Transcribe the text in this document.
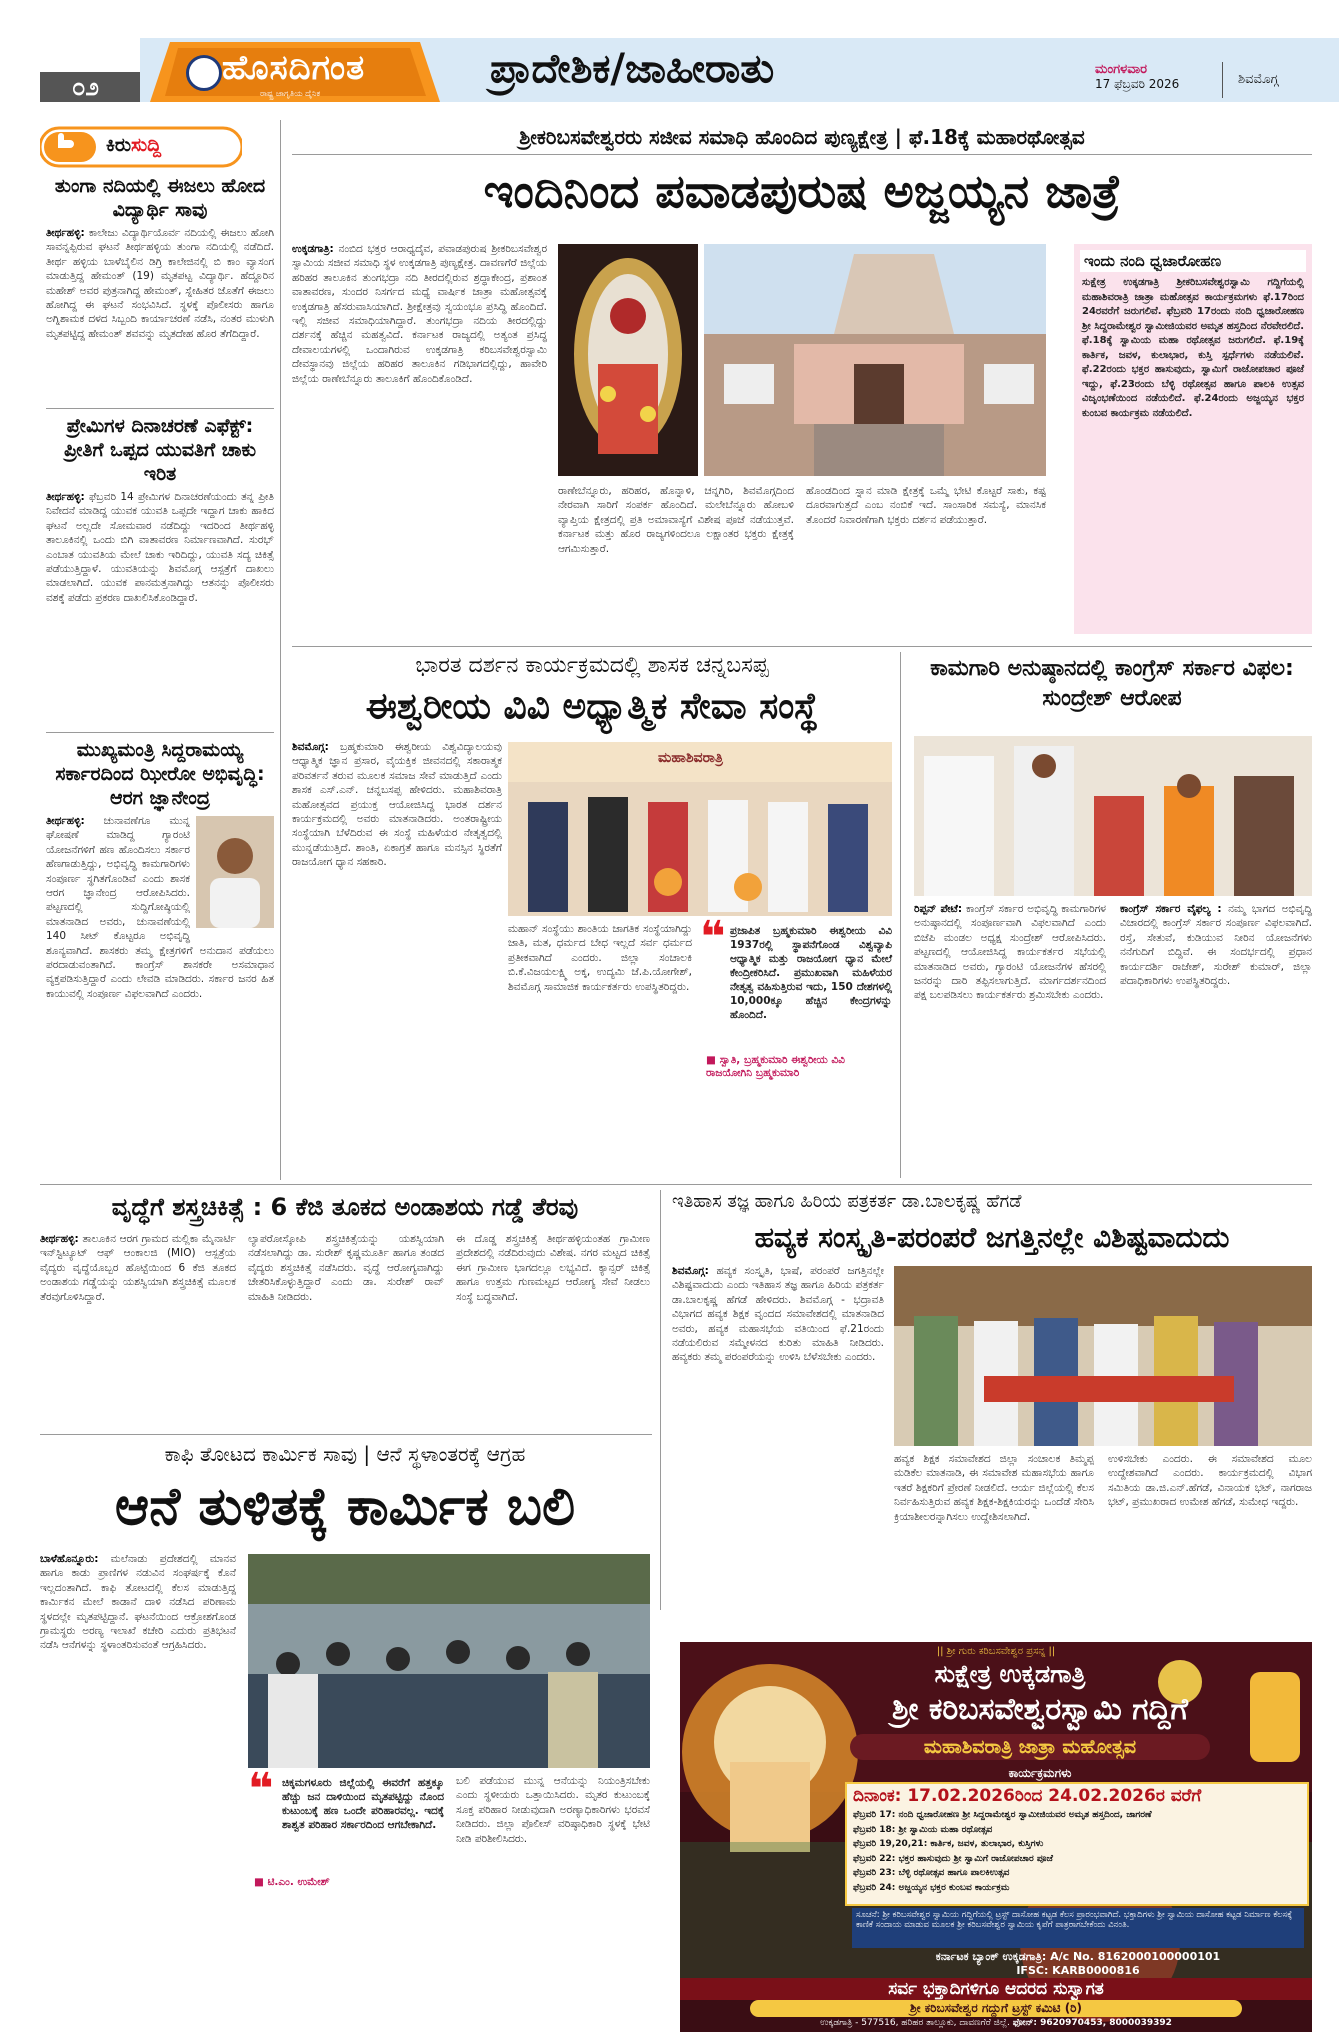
೦೨	ಹೊಸದಿಗಂತ
ರಾಷ್ಟ್ರ ಜಾಗೃತಿಯ ದೈನಿಕ
ಪ್ರಾದೇಶಿಕ/ಜಾಹೀರಾತು	ಮಂಗಳವಾರ
17 ಫೆಬ್ರವರಿ 2026	ಶಿವಮೊಗ್ಗ
ಕಿರುಸುದ್ದಿ
ತುಂಗಾ ನದಿಯಲ್ಲಿ ಈಜಲು ಹೋದ ವಿದ್ಯಾರ್ಥಿ ಸಾವು
ತೀರ್ಥಹಳ್ಳಿ: ಕಾಲೇಜು ವಿದ್ಯಾರ್ಥಿಯೊರ್ವ ನದಿಯಲ್ಲಿ ಈಜಲು ಹೋಗಿ ಸಾವನ್ನಪ್ಪಿರುವ ಘಟನೆ ತೀರ್ಥಹಳ್ಳಿಯ ತುಂಗಾ ನದಿಯಲ್ಲಿ ನಡೆದಿದೆ. ತೀರ್ಥ ಹಳ್ಳಿಯ ಬಾಳೆಬೈಲಿನ ಡಿಗ್ರಿ ಕಾಲೇಜಿನಲ್ಲಿ ಬಿ ಕಾಂ ವ್ಯಾಸಂಗ ಮಾಡುತ್ತಿದ್ದ ಹೇಮಂತ್ (19) ಮೃತಪಟ್ಟ ವಿದ್ಯಾರ್ಥಿ. ಹೆದ್ದೂರಿನ ಮಹೇಶ್ ಅವರ ಪುತ್ರನಾಗಿದ್ದ ಹೇಮಂತ್, ಸ್ನೇಹಿತರ ಜೊತೆಗೆ ಈಜಲು ಹೋಗಿದ್ದ ಈ ಘಟನೆ ಸಂಭವಿಸಿದೆ. ಸ್ಥಳಕ್ಕೆ ಪೊಲೀಸರು ಹಾಗೂ ಅಗ್ನಿಶಾಮಕ ದಳದ ಸಿಬ್ಬಂದಿ ಕಾರ್ಯಾಚರಣೆ ನಡೆಸಿ, ನಂತರ ಮುಳುಗಿ ಮೃತಪಟ್ಟಿದ್ದ ಹೇಮಂತ್ ಶವವನ್ನು ಮೃತದೇಹ ಹೊರ ತೆಗೆದಿದ್ದಾರೆ.
ಪ್ರೇಮಿಗಳ ದಿನಾಚರಣೆ ಎಫೆಕ್ಟ್: ಪ್ರೀತಿಗೆ ಒಪ್ಪದ ಯುವತಿಗೆ ಚಾಕು ಇರಿತ
ತೀರ್ಥಹಳ್ಳಿ: ಫೆಬ್ರವರಿ 14 ಪ್ರೇಮಿಗಳ ದಿನಾಚರಣೆಯಂದು ತನ್ನ ಪ್ರೀತಿ ನಿವೇದನೆ ಮಾಡಿದ್ದ ಯುವಕ ಯುವತಿ ಒಪ್ಪದೇ ಇದ್ದಾಗ ಚಾಕು ಹಾಕಿದ ಘಟನೆ ಅಲ್ಲದೇ ಸೋಮವಾರ ನಡೆದಿದ್ದು ಇದರಿಂದ ತೀರ್ಥಹಳ್ಳಿ ತಾಲೂಕಿನಲ್ಲಿ ಒಂದು ಬಿಗಿ ವಾತಾವರಣ ನಿರ್ಮಾಣವಾಗಿದೆ. ಸುರಭ್ ಎಂಬಾತ ಯುವತಿಯ ಮೇಲೆ ಚಾಕು ಇರಿದಿದ್ದು, ಯುವತಿ ಸದ್ಯ ಚಿಕಿತ್ಸೆ ಪಡೆಯುತ್ತಿದ್ದಾಳೆ. ಯುವತಿಯನ್ನು ಶಿವಮೊಗ್ಗ ಆಸ್ಪತ್ರೆಗೆ ದಾಖಲು ಮಾಡಲಾಗಿದೆ. ಯುವಕ ಪಾನಮತ್ತನಾಗಿದ್ದು ಆತನನ್ನು ಪೊಲೀಸರು ವಶಕ್ಕೆ ಪಡೆದು ಪ್ರಕರಣ ದಾಖಲಿಸಿಕೊಂಡಿದ್ದಾರೆ.
ಮುಖ್ಯಮಂತ್ರಿ ಸಿದ್ದರಾಮಯ್ಯ ಸರ್ಕಾರದಿಂದ ಝೀರೋ ಅಭಿವೃದ್ಧಿ: ಆರಗ ಜ್ಞಾನೇಂದ್ರ
ತೀರ್ಥಹಳ್ಳಿ: ಚುನಾವಣೆಗೂ ಮುನ್ನ ಘೋಷಣೆ ಮಾಡಿದ್ದ ಗ್ಯಾರಂಟಿ ಯೋಜನೆಗಳಿಗೆ ಹಣ ಹೊಂದಿಸಲು ಸರ್ಕಾರ ಹೆಣಗಾಡುತ್ತಿದ್ದು, ಅಭಿವೃದ್ಧಿ ಕಾಮಗಾರಿಗಳು ಸಂಪೂರ್ಣ ಸ್ಥಗಿತಗೊಂಡಿವೆ ಎಂದು ಶಾಸಕ ಆರಗ ಜ್ಞಾನೇಂದ್ರ ಆರೋಪಿಸಿದರು. ಪಟ್ಟಣದಲ್ಲಿ ಸುದ್ದಿಗೋಷ್ಠಿಯಲ್ಲಿ ಮಾತನಾಡಿದ ಅವರು, ಚುನಾವಣೆಯಲ್ಲಿ 140 ಸೀಟ್ ಕೊಟ್ಟರೂ ಅಭಿವೃದ್ಧಿ ಶೂನ್ಯವಾಗಿದೆ. ಶಾಸಕರು ತಮ್ಮ ಕ್ಷೇತ್ರಗಳಿಗೆ ಅನುದಾನ ಪಡೆಯಲು ಪರದಾಡುವಂತಾಗಿದೆ. ಕಾಂಗ್ರೆಸ್ ಶಾಸಕರೇ ಅಸಮಾಧಾನ ವ್ಯಕ್ತಪಡಿಸುತ್ತಿದ್ದಾರೆ ಎಂದು ಲೇವಡಿ ಮಾಡಿದರು. ಸರ್ಕಾರ ಜನರ ಹಿತ ಕಾಯುವಲ್ಲಿ ಸಂಪೂರ್ಣ ವಿಫಲವಾಗಿದೆ ಎಂದರು.
ಶ್ರೀಕರಿಬಸವೇಶ್ವರರು ಸಜೀವ ಸಮಾಧಿ ಹೊಂದಿದ ಪುಣ್ಯಕ್ಷೇತ್ರ | ಫೆ.18ಕ್ಕೆ ಮಹಾರಥೋತ್ಸವ
ಇಂದಿನಿಂದ ಪವಾಡಪುರುಷ ಅಜ್ಜಯ್ಯನ ಜಾತ್ರೆ
ಉಕ್ಕಡಗಾತ್ರಿ: ನಂಬಿದ ಭಕ್ತರ ಆರಾಧ್ಯದೈವ, ಪವಾಡಪುರುಷ ಶ್ರೀಕರಿಬಸವೇಶ್ವರ ಸ್ವಾಮಿಯ ಸಜೀವ ಸಮಾಧಿ ಸ್ಥಳ ಉಕ್ಕಡಗಾತ್ರಿ ಪುಣ್ಯಕ್ಷೇತ್ರ. ದಾವಣಗೆರೆ ಜಿಲ್ಲೆಯ ಹರಿಹರ ತಾಲೂಕಿನ ತುಂಗಭದ್ರಾ ನದಿ ತೀರದಲ್ಲಿರುವ ಶ್ರದ್ಧಾಕೇಂದ್ರ, ಪ್ರಶಾಂತ ವಾತಾವರಣ, ಸುಂದರ ನಿಸರ್ಗದ ಮಧ್ಯೆ ವಾರ್ಷಿಕ ಜಾತ್ರಾ ಮಹೋತ್ಸವಕ್ಕೆ ಉಕ್ಕಡಗಾತ್ರಿ ಹೆಸರುವಾಸಿಯಾಗಿದೆ. ಶ್ರೀಕ್ಷೇತ್ರವು ಸ್ವಯಂಭೂ ಪ್ರಸಿದ್ಧಿ ಹೊಂದಿದೆ. ಇಲ್ಲಿ ಸಜೀವ ಸಮಾಧಿಯಾಗಿದ್ದಾರೆ. ತುಂಗಭದ್ರಾ ನದಿಯ ತೀರದಲ್ಲಿದ್ದು ದರ್ಶನಕ್ಕೆ ಹೆಚ್ಚಿನ ಮಹತ್ವವಿದೆ. ಕರ್ನಾಟಕ ರಾಜ್ಯದಲ್ಲಿ ಅತ್ಯಂತ ಪ್ರಸಿದ್ಧ ದೇವಾಲಯಗಳಲ್ಲಿ ಒಂದಾಗಿರುವ ಉಕ್ಕಡಗಾತ್ರಿ ಕರಿಬಸವೇಶ್ವರಸ್ವಾಮಿ ದೇವಸ್ಥಾನವು ಜಿಲ್ಲೆಯ ಹರಿಹರ ತಾಲೂಕಿನ ಗಡಿಭಾಗದಲ್ಲಿದ್ದು, ಹಾವೇರಿ ಜಿಲ್ಲೆಯ ರಾಣೇಬೆನ್ನೂರು ತಾಲೂಕಿಗೆ ಹೊಂದಿಕೊಂಡಿದೆ.
ರಾಣೇಬೆನ್ನೂರು, ಹರಿಹರ, ಹೊನ್ನಾಳಿ, ಚನ್ನಗಿರಿ, ಶಿವಮೊಗ್ಗದಿಂದ ನೇರವಾಗಿ ಸಾರಿಗೆ ಸಂಪರ್ಕ ಹೊಂದಿದೆ. ಮಲೇಬೆನ್ನೂರು ಹೋಬಳಿ ವ್ಯಾಪ್ತಿಯ ಕ್ಷೇತ್ರದಲ್ಲಿ ಪ್ರತಿ ಅಮಾವಾಸ್ಯೆಗೆ ವಿಶೇಷ ಪೂಜೆ ನಡೆಯುತ್ತವೆ. ಕರ್ನಾಟಕ ಮತ್ತು ಹೊರ ರಾಜ್ಯಗಳಿಂದಲೂ ಲಕ್ಷಾಂತರ ಭಕ್ತರು ಕ್ಷೇತ್ರಕ್ಕೆ ಆಗಮಿಸುತ್ತಾರೆ.
ಹೊಂಡದಿಂದ ಸ್ನಾನ ಮಾಡಿ ಕ್ಷೇತ್ರಕ್ಕೆ ಒಮ್ಮೆ ಭೇಟಿ ಕೊಟ್ಟರೆ ಸಾಕು, ಕಷ್ಟ ದೂರವಾಗುತ್ತದೆ ಎಂಬ ನಂಬಿಕೆ ಇದೆ. ಸಾಂಸಾರಿಕ ಸಮಸ್ಯೆ, ಮಾನಸಿಕ ತೊಂದರೆ ನಿವಾರಣೆಗಾಗಿ ಭಕ್ತರು ದರ್ಶನ ಪಡೆಯುತ್ತಾರೆ.
ಇಂದು ನಂದಿ ಧ್ವಜಾರೋಹಣ
ಸುಕ್ಷೇತ್ರ ಉಕ್ಕಡಗಾತ್ರಿ ಶ್ರೀಕರಿಬಸವೇಶ್ವರಸ್ವಾಮಿ ಗದ್ದಿಗೆಯಲ್ಲಿ ಮಹಾಶಿವರಾತ್ರಿ ಜಾತ್ರಾ ಮಹೋತ್ಸವ ಕಾರ್ಯಕ್ರಮಗಳು ಫೆ.17ರಿಂದ 24ರವರೆಗೆ ಜರುಗಲಿವೆ. ಫೆಬ್ರವರಿ 17ರಂದು ನಂದಿ ಧ್ವಜಾರೋಹಣ ಶ್ರೀ ಸಿದ್ದರಾಮೇಶ್ವರ ಸ್ವಾಮೀಜಿಯವರ ಅಮೃತ ಹಸ್ತದಿಂದ ನೆರವೇರಲಿದೆ. ಫೆ.18ಕ್ಕೆ ಸ್ವಾಮಿಯ ಮಹಾ ರಥೋತ್ಸವ ಜರುಗಲಿದೆ. ಫೆ.19ಕ್ಕೆ ಕಾರ್ತಿಕ, ಜವಳ, ಕುಲಾಭಾರ, ಕುಸ್ತಿ ಸ್ಪರ್ಧೆಗಳು ನಡೆಯಲಿವೆ. ಫೆ.22ರಂದು ಭಕ್ತರ ಹಾಸುವುದು, ಸ್ವಾಮಿಗೆ ರಾಜೋಪಚಾರ ಪೂಜೆ ಇದ್ದು, ಫೆ.23ರಂದು ಬೆಳ್ಳಿ ರಥೋತ್ಸವ ಹಾಗೂ ಪಾಲಕಿ ಉತ್ಸವ ವಿಜೃಂಭಣೆಯಿಂದ ನಡೆಯಲಿದೆ. ಫೆ.24ರಂದು ಅಜ್ಜಯ್ಯನ ಭಕ್ತರ ಕುಂಬವ ಕಾರ್ಯಕ್ರಮ ನಡೆಯಲಿದೆ.
ಭಾರತ ದರ್ಶನ ಕಾರ್ಯಕ್ರಮದಲ್ಲಿ ಶಾಸಕ ಚನ್ನಬಸಪ್ಪ
ಈಶ್ವರೀಯ ವಿವಿ ಅಧ್ಯಾತ್ಮಿಕ ಸೇವಾ ಸಂಸ್ಥೆ
ಶಿವಮೊಗ್ಗ: ಬ್ರಹ್ಮಕುಮಾರಿ ಈಶ್ವರೀಯ ವಿಶ್ವವಿದ್ಯಾಲಯವು ಆಧ್ಯಾತ್ಮಿಕ ಜ್ಞಾನ ಪ್ರಸಾರ, ವೈಯಕ್ತಿಕ ಜೀವನದಲ್ಲಿ ಸಕಾರಾತ್ಮಕ ಪರಿವರ್ತನೆ ತರುವ ಮೂಲಕ ಸಮಾಜ ಸೇವೆ ಮಾಡುತ್ತಿದೆ ಎಂದು ಶಾಸಕ ಎಸ್.ಎನ್. ಚನ್ನಬಸಪ್ಪ ಹೇಳಿದರು. ಮಹಾಶಿವರಾತ್ರಿ ಮಹೋತ್ಸವದ ಪ್ರಯುಕ್ತ ಆಯೋಜಿಸಿದ್ದ ಭಾರತ ದರ್ಶನ ಕಾರ್ಯಕ್ರಮದಲ್ಲಿ ಅವರು ಮಾತನಾಡಿದರು. ಅಂತರಾಷ್ಟ್ರೀಯ ಸಂಸ್ಥೆಯಾಗಿ ಬೆಳೆದಿರುವ ಈ ಸಂಸ್ಥೆ ಮಹಿಳೆಯರ ನೇತೃತ್ವದಲ್ಲಿ ಮುನ್ನಡೆಯುತ್ತಿದೆ. ಶಾಂತಿ, ಏಕಾಗ್ರತೆ ಹಾಗೂ ಮನಸ್ಸಿನ ಸ್ಥಿರತೆಗೆ ರಾಜಯೋಗ ಧ್ಯಾನ ಸಹಕಾರಿ.
ಮಹಾಶಿವರಾತ್ರಿ
ಮಹಾನ್ ಸಂಸ್ಥೆಯು ಶಾಂತಿಯ ಜಾಗತಿಕ ಸಂಸ್ಥೆಯಾಗಿದ್ದು ಜಾತಿ, ಮತ, ಧರ್ಮದ ಬೇಧ ಇಲ್ಲದೆ ಸರ್ವ ಧರ್ಮದ ಪ್ರತೀಕವಾಗಿದೆ ಎಂದರು. ಜಿಲ್ಲಾ ಸಂಚಾಲಕಿ ಬಿ.ಕೆ.ವಿಜಯಲಕ್ಷ್ಮಿ ಅಕ್ಕ, ಉದ್ಯಮಿ ಜೆ.ಪಿ.ಯೋಗೇಶ್, ಶಿವಮೊಗ್ಗ ಸಾಮಾಜಿಕ ಕಾರ್ಯಕರ್ತರು ಉಪಸ್ಥಿತರಿದ್ದರು.
❝ ಪ್ರಜಾಪಿತ ಬ್ರಹ್ಮಕುಮಾರಿ ಈಶ್ವರೀಯ ವಿವಿ 1937ರಲ್ಲಿ ಸ್ಥಾಪನೆಗೊಂಡ ವಿಶ್ವವ್ಯಾಪಿ ಆಧ್ಯಾತ್ಮಿಕ ಮತ್ತು ರಾಜಯೋಗ ಧ್ಯಾನ ಮೇಲೆ ಕೇಂದ್ರೀಕರಿಸಿದೆ. ಪ್ರಮುಖವಾಗಿ ಮಹಿಳೆಯರ ನೇತೃತ್ವ ವಹಿಸುತ್ತಿರುವ ಇದು, 150 ದೇಶಗಳಲ್ಲಿ 10,000ಕ್ಕೂ ಹೆಚ್ಚಿನ ಕೇಂದ್ರಗಳನ್ನು ಹೊಂದಿದೆ.
■ ಸ್ವಾತಿ, ಬ್ರಹ್ಮಕುಮಾರಿ ಈಶ್ವರೀಯ ವಿವಿ ರಾಜಯೋಗಿನಿ ಬ್ರಹ್ಮಕುಮಾರಿ
ಕಾಮಗಾರಿ ಅನುಷ್ಠಾನದಲ್ಲಿ ಕಾಂಗ್ರೆಸ್ ಸರ್ಕಾರ ವಿಫಲ: ಸುಂದ್ರೇಶ್ ಆರೋಪ
ರಿಪ್ಪನ್ ಪೇಟೆ: ಕಾಂಗ್ರೆಸ್ ಸರ್ಕಾರ ಅಭಿವೃದ್ಧಿ ಕಾಮಗಾರಿಗಳ ಅನುಷ್ಠಾನದಲ್ಲಿ ಸಂಪೂರ್ಣವಾಗಿ ವಿಫಲವಾಗಿದೆ ಎಂದು ಬಿಜೆಪಿ ಮಂಡಲ ಅಧ್ಯಕ್ಷ ಸುಂದ್ರೇಶ್ ಆರೋಪಿಸಿದರು. ಪಟ್ಟಣದಲ್ಲಿ ಆಯೋಜಿಸಿದ್ದ ಕಾರ್ಯಕರ್ತರ ಸಭೆಯಲ್ಲಿ ಮಾತನಾಡಿದ ಅವರು, ಗ್ಯಾರಂಟಿ ಯೋಜನೆಗಳ ಹೆಸರಲ್ಲಿ ಜನರನ್ನು ದಾರಿ ತಪ್ಪಿಸಲಾಗುತ್ತಿದೆ. ಮಾರ್ಗದರ್ಶನದಿಂದ ಪಕ್ಷ ಬಲಪಡಿಸಲು ಕಾರ್ಯಕರ್ತರು ಶ್ರಮಿಸಬೇಕು ಎಂದರು.
ಕಾಂಗ್ರೆಸ್ ಸರ್ಕಾರ ವೈಫಲ್ಯ : ನಮ್ಮ ಭಾಗದ ಅಭಿವೃದ್ಧಿ ವಿಚಾರದಲ್ಲಿ ಕಾಂಗ್ರೆಸ್ ಸರ್ಕಾರ ಸಂಪೂರ್ಣ ವಿಫಲವಾಗಿದೆ. ರಸ್ತೆ, ಸೇತುವೆ, ಕುಡಿಯುವ ನೀರಿನ ಯೋಜನೆಗಳು ನನೆಗುದಿಗೆ ಬಿದ್ದಿವೆ. ಈ ಸಂದರ್ಭದಲ್ಲಿ ಪ್ರಧಾನ ಕಾರ್ಯದರ್ಶಿ ರಾಜೇಶ್, ಸುರೇಶ್ ಕುಮಾರ್, ಜಿಲ್ಲಾ ಪದಾಧಿಕಾರಿಗಳು ಉಪಸ್ಥಿತರಿದ್ದರು.
ವೃದ್ಧೆಗೆ ಶಸ್ತ್ರಚಿಕಿತ್ಸೆ : 6 ಕೆಜಿ ತೂಕದ ಅಂಡಾಶಯ ಗಡ್ಡೆ ತೆರವು
ತೀರ್ಥಹಳ್ಳಿ: ತಾಲೂಕಿನ ಆರಗ ಗ್ರಾಮದ ಮಲ್ಲಿಕಾ ಮೈನಾರ್ಟಿ ಇನ್‌ಸ್ಟಿಟ್ಯೂಟ್ ಆಫ್ ಆಂಕಾಲಜಿ (MIO) ಆಸ್ಪತ್ರೆಯ ವೈದ್ಯರು ವೃದ್ಧೆಯೊಬ್ಬರ ಹೊಟ್ಟೆಯಿಂದ 6 ಕೆಜಿ ತೂಕದ ಅಂಡಾಶಯ ಗಡ್ಡೆಯನ್ನು ಯಶಸ್ವಿಯಾಗಿ ಶಸ್ತ್ರಚಿಕಿತ್ಸೆ ಮೂಲಕ ತೆರವುಗೊಳಿಸಿದ್ದಾರೆ.
ಲ್ಯಾಪರೋಸ್ಕೋಪಿ ಶಸ್ತ್ರಚಿಕಿತ್ಸೆಯನ್ನು ಯಶಸ್ವಿಯಾಗಿ ನಡೆಸಲಾಗಿದ್ದು ಡಾ. ಸುರೇಶ್ ಕೃಷ್ಣಮೂರ್ತಿ ಹಾಗೂ ತಂಡದ ವೈದ್ಯರು ಶಸ್ತ್ರಚಿಕಿತ್ಸೆ ನಡೆಸಿದರು. ವೃದ್ಧೆ ಆರೋಗ್ಯವಾಗಿದ್ದು ಚೇತರಿಸಿಕೊಳ್ಳುತ್ತಿದ್ದಾರೆ ಎಂದು ಡಾ. ಸುರೇಶ್ ರಾವ್ ಮಾಹಿತಿ ನೀಡಿದರು.
ಈ ದೊಡ್ಡ ಶಸ್ತ್ರಚಿಕಿತ್ಸೆ ತೀರ್ಥಹಳ್ಳಿಯಂತಹ ಗ್ರಾಮೀಣ ಪ್ರದೇಶದಲ್ಲಿ ನಡೆದಿರುವುದು ವಿಶೇಷ. ನಗರ ಮಟ್ಟದ ಚಿಕಿತ್ಸೆ ಈಗ ಗ್ರಾಮೀಣ ಭಾಗದಲ್ಲೂ ಲಭ್ಯವಿದೆ. ಕ್ಯಾನ್ಸರ್ ಚಿಕಿತ್ಸೆ ಹಾಗೂ ಉತ್ತಮ ಗುಣಮಟ್ಟದ ಆರೋಗ್ಯ ಸೇವೆ ನೀಡಲು ಸಂಸ್ಥೆ ಬದ್ಧವಾಗಿದೆ.
ಇತಿಹಾಸ ತಜ್ಞ ಹಾಗೂ ಹಿರಿಯ ಪತ್ರಕರ್ತ ಡಾ.ಬಾಲಕೃಷ್ಣ ಹೆಗಡೆ
ಹವ್ಯಕ ಸಂಸ್ಕೃತಿ-ಪರಂಪರೆ ಜಗತ್ತಿನಲ್ಲೇ ವಿಶಿಷ್ಟವಾದುದು
ಶಿವಮೊಗ್ಗ: ಹವ್ಯಕ ಸಂಸ್ಕೃತಿ, ಭಾಷೆ, ಪರಂಪರೆ ಜಗತ್ತಿನಲ್ಲೇ ವಿಶಿಷ್ಟವಾದುದು ಎಂದು ಇತಿಹಾಸ ತಜ್ಞ ಹಾಗೂ ಹಿರಿಯ ಪತ್ರಕರ್ತ ಡಾ.ಬಾಲಕೃಷ್ಣ ಹೆಗಡೆ ಹೇಳಿದರು. ಶಿವಮೊಗ್ಗ - ಭದ್ರಾವತಿ ವಿಭಾಗದ ಹವ್ಯಕ ಶಿಕ್ಷಕ ವೃಂದದ ಸಮಾವೇಶದಲ್ಲಿ ಮಾತನಾಡಿದ ಅವರು, ಹವ್ಯಕ ಮಹಾಸಭೆಯ ವತಿಯಿಂದ ಫೆ.21ರಂದು ನಡೆಯಲಿರುವ ಸಮ್ಮೇಳನದ ಕುರಿತು ಮಾಹಿತಿ ನೀಡಿದರು. ಹವ್ಯಕರು ತಮ್ಮ ಪರಂಪರೆಯನ್ನು ಉಳಿಸಿ ಬೆಳೆಸಬೇಕು ಎಂದರು.
ಹವ್ಯಕ ಶಿಕ್ಷಕ ಸಮಾವೇಶದ ಜಿಲ್ಲಾ ಸಂಚಾಲಕ ತಿಮ್ಮಪ್ಪ ಮಡಿಕೆಲ ಮಾತನಾಡಿ, ಈ ಸಮಾವೇಶ ಮಹಾಸಭೆಯ ಹಾಗೂ ಇತರೆ ಶಿಕ್ಷಕರಿಗೆ ಪ್ರೇರಣೆ ನೀಡಲಿದೆ. ಆರ್ಯ ಜಿಲ್ಲೆಯಲ್ಲಿ ಕೆಲಸ ನಿರ್ವಹಿಸುತ್ತಿರುವ ಹವ್ಯಕ ಶಿಕ್ಷಕ-ಶಿಕ್ಷಕಿಯರನ್ನು ಒಂದೆಡೆ ಸೇರಿಸಿ ಕ್ರಿಯಾಶೀಲರನ್ನಾಗಿಸಲು ಉದ್ದೇಶಿಸಲಾಗಿದೆ.
ಉಳಿಸಬೇಕು ಎಂದರು. ಈ ಸಮಾವೇಶದ ಮೂಲ ಉದ್ದೇಶವಾಗಿದೆ ಎಂದರು. ಕಾರ್ಯಕ್ರಮದಲ್ಲಿ ವಿಭಾಗ ಸಮಿತಿಯ ಡಾ.ಜಿ.ಎನ್.ಹೆಗಡೆ, ವಿನಾಯಕ ಭಟ್, ನಾಗರಾಜ ಭಟ್, ಪ್ರಮುಖರಾದ ಉಮೇಶ ಹೆಗಡೆ, ಸುಮೇಧ ಇದ್ದರು.
ಕಾಫಿ ತೋಟದ ಕಾರ್ಮಿಕ ಸಾವು | ಆನೆ ಸ್ಥಳಾಂತರಕ್ಕೆ ಆಗ್ರಹ
ಆನೆ ತುಳಿತಕ್ಕೆ ಕಾರ್ಮಿಕ ಬಲಿ
ಬಾಳೆಹೊನ್ನೂರು: ಮಲೆನಾಡು ಪ್ರದೇಶದಲ್ಲಿ ಮಾನವ ಹಾಗೂ ಕಾಡು ಪ್ರಾಣಿಗಳ ನಡುವಿನ ಸಂಘರ್ಷಕ್ಕೆ ಕೊನೆ ಇಲ್ಲದಂತಾಗಿದೆ. ಕಾಫಿ ತೋಟದಲ್ಲಿ ಕೆಲಸ ಮಾಡುತ್ತಿದ್ದ ಕಾರ್ಮಿಕನ ಮೇಲೆ ಕಾಡಾನೆ ದಾಳಿ ನಡೆಸಿದ ಪರಿಣಾಮ ಸ್ಥಳದಲ್ಲೇ ಮೃತಪಟ್ಟಿದ್ದಾನೆ. ಘಟನೆಯಿಂದ ಆಕ್ರೋಶಗೊಂಡ ಗ್ರಾಮಸ್ಥರು ಅರಣ್ಯ ಇಲಾಖೆ ಕಚೇರಿ ಎದುರು ಪ್ರತಿಭಟನೆ ನಡೆಸಿ ಆನೆಗಳನ್ನು ಸ್ಥಳಾಂತರಿಸುವಂತೆ ಆಗ್ರಹಿಸಿದರು.
❝ ಚಿಕ್ಕಮಗಳೂರು ಜಿಲ್ಲೆಯಲ್ಲಿ ಈವರೆಗೆ ಹತ್ತಕ್ಕೂ ಹೆಚ್ಚು ಜನ ದಾಳಿಯಿಂದ ಮೃತಪಟ್ಟಿದ್ದು ನೊಂದ ಕುಟುಂಬಕ್ಕೆ ಹಣ ಒಂದೇ ಪರಿಹಾರವಲ್ಲ. ಇದಕ್ಕೆ ಶಾಶ್ವತ ಪರಿಹಾರ ಸರ್ಕಾರದಿಂದ ಆಗಬೇಕಾಗಿದೆ.
■ ಟಿ.ಎಂ. ಉಮೇಶ್
ಬಲಿ ಪಡೆಯುವ ಮುನ್ನ ಆನೆಯನ್ನು ನಿಯಂತ್ರಿಸಬೇಕು ಎಂದು ಸ್ಥಳೀಯರು ಒತ್ತಾಯಿಸಿದರು. ಮೃತರ ಕುಟುಂಬಕ್ಕೆ ಸೂಕ್ತ ಪರಿಹಾರ ನೀಡುವುದಾಗಿ ಅರಣ್ಯಾಧಿಕಾರಿಗಳು ಭರವಸೆ ನೀಡಿದರು. ಜಿಲ್ಲಾ ಪೊಲೀಸ್ ವರಿಷ್ಠಾಧಿಕಾರಿ ಸ್ಥಳಕ್ಕೆ ಭೇಟಿ ನೀಡಿ ಪರಿಶೀಲಿಸಿದರು.
|| ಶ್ರೀ ಗುರು ಕರಿಬಸವೇಶ್ವರ ಪ್ರಸನ್ನ ||
ಸುಕ್ಷೇತ್ರ ಉಕ್ಕಡಗಾತ್ರಿ
ಶ್ರೀ ಕರಿಬಸವೇಶ್ವರಸ್ವಾಮಿ ಗದ್ದಿಗೆ
ಮಹಾಶಿವರಾತ್ರಿ ಜಾತ್ರಾ ಮಹೋತ್ಸವ
ಕಾರ್ಯಕ್ರಮಗಳು
ದಿನಾಂಕ: 17.02.2026ರಿಂದ 24.02.2026ರ ವರೆಗೆ
ಫೆಬ್ರವರಿ 17: ನಂದಿ ಧ್ವಜಾರೋಹಣ ಶ್ರೀ ಸಿದ್ದರಾಮೇಶ್ವರ ಸ್ವಾಮೀಜಿಯವರ ಅಮೃತ ಹಸ್ತದಿಂದ, ಜಾಗರಣೆ
ಫೆಬ್ರವರಿ 18: ಶ್ರೀ ಸ್ವಾಮಿಯ ಮಹಾ ರಥೋತ್ಸವ
ಫೆಬ್ರವರಿ 19,20,21: ಕಾರ್ತಿಕ, ಜವಳ, ತುಲಾಭಾರ, ಕುಸ್ತಿಗಳು
ಫೆಬ್ರವರಿ 22: ಭಕ್ತರ ಹಾಸುವುದು ಶ್ರೀ ಸ್ವಾಮಿಗೆ ರಾಜೋಪಚಾರ ಪೂಜೆ
ಫೆಬ್ರವರಿ 23: ಬೆಳ್ಳಿ ರಥೋತ್ಸವ ಹಾಗೂ ಪಾಲಕಿಉತ್ಸವ
ಫೆಬ್ರವರಿ 24: ಅಜ್ಜಯ್ಯನ ಭಕ್ತರ ಕುಂಬವ ಕಾರ್ಯಕ್ರಮ
ಸೂಚನೆ: ಶ್ರೀ ಕರಿಬಸವೇಶ್ವರ ಸ್ವಾಮಿಯ ಗದ್ದಿಗೆಯಲ್ಲಿ ಟ್ರಸ್ಟ್ ದಾಸೋಹ ಕಟ್ಟಡ ಕೆಲಸ ಪ್ರಾರಂಭವಾಗಿದೆ. ಭಕ್ತಾದಿಗಳು ಶ್ರೀ ಸ್ವಾಮಿಯ ದಾಸೋಹ ಕಟ್ಟಡ ನಿರ್ಮಾಣ ಕೆಲಸಕ್ಕೆ ಕಾಣಿಕೆ ಸಂದಾಯ ಮಾಡುವ ಮೂಲಕ ಶ್ರೀ ಕರಿಬಸವೇಶ್ವರ ಸ್ವಾಮಿಯ ಕೃಪೆಗೆ ಪಾತ್ರರಾಗಬೇಕೆಂದು ವಿನಂತಿ.
ಕರ್ನಾಟಕ ಬ್ಯಾಂಕ್ ಉಕ್ಕಡಗಾತ್ರಿ: A/c No. 8162000100000101
IFSC: KARB0000816
ಸರ್ವ ಭಕ್ತಾದಿಗಳಿಗೂ ಆದರದ ಸುಸ್ವಾಗತ
ಶ್ರೀ ಕರಿಬಸವೇಶ್ವರ ಗದ್ದುಗೆ ಟ್ರಸ್ಟ್ ಕಮಿಟಿ (ರಿ)
ಉಕ್ಕಡಗಾತ್ರಿ - 577516, ಹರಿಹರ ತಾಲ್ಲೂಕು, ದಾವಣಗೆರೆ ಜಿಲ್ಲೆ. ಫೋನ್: 9620970453, 8000039392
